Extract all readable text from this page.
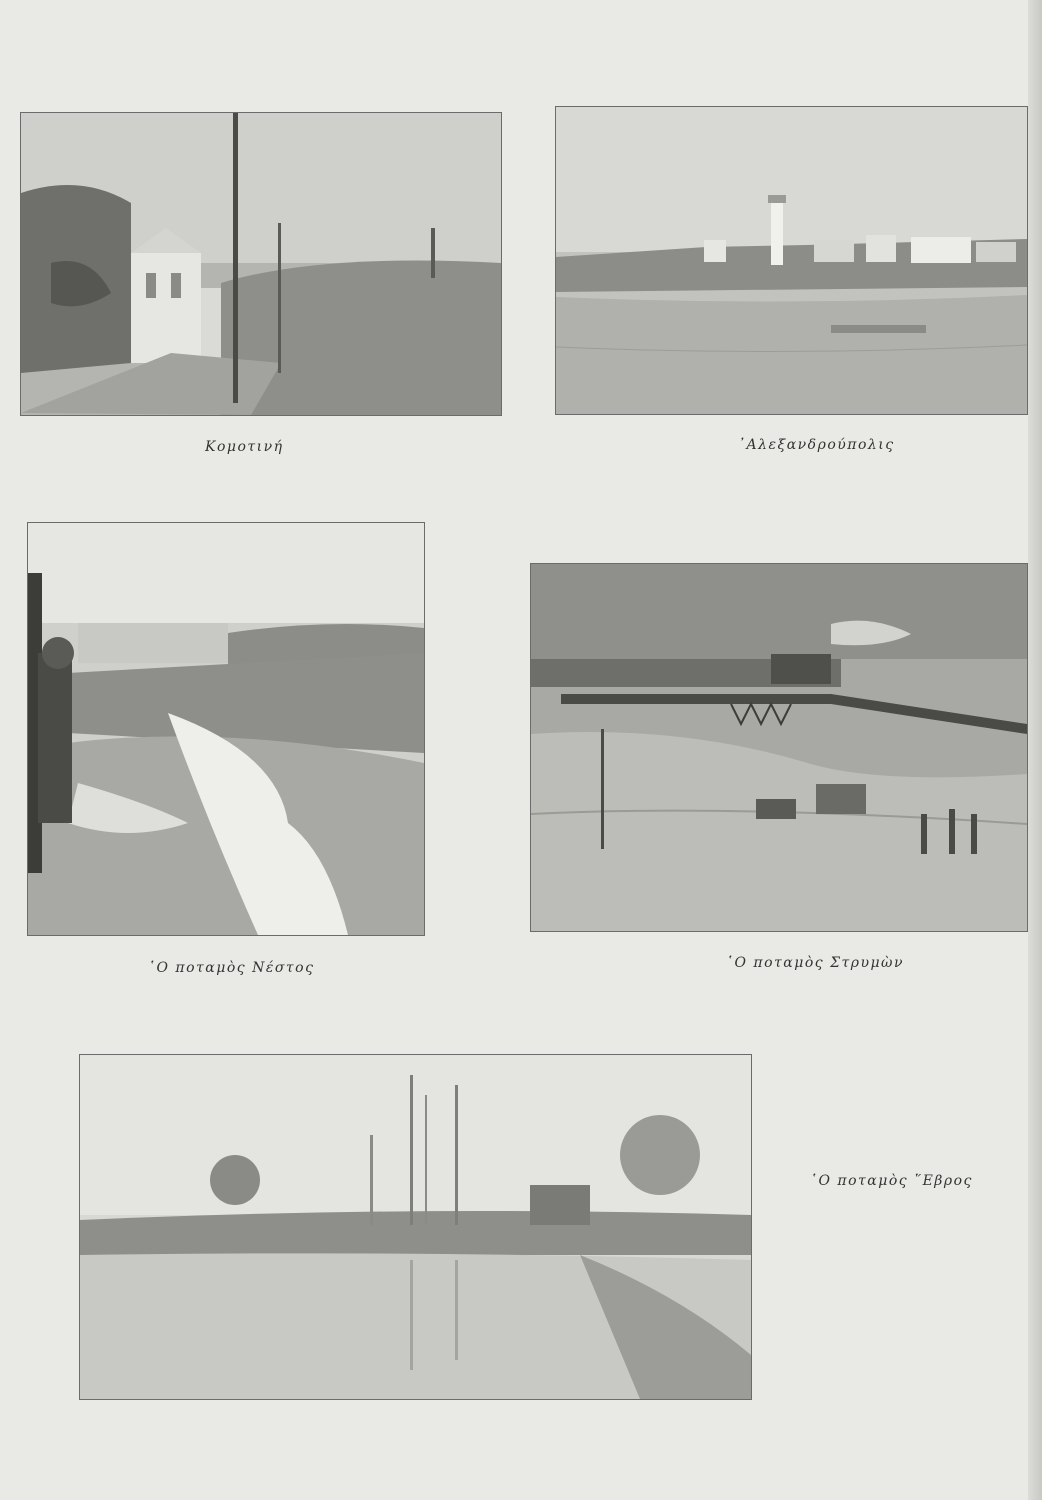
Κομοτινή	᾿Αλεξανδρούπολις
῾Ο ποταμὸς Νέστος	῾Ο ποταμὸς Στρυμὼν
῾Ο ποταμὸς ῞Εβρος
